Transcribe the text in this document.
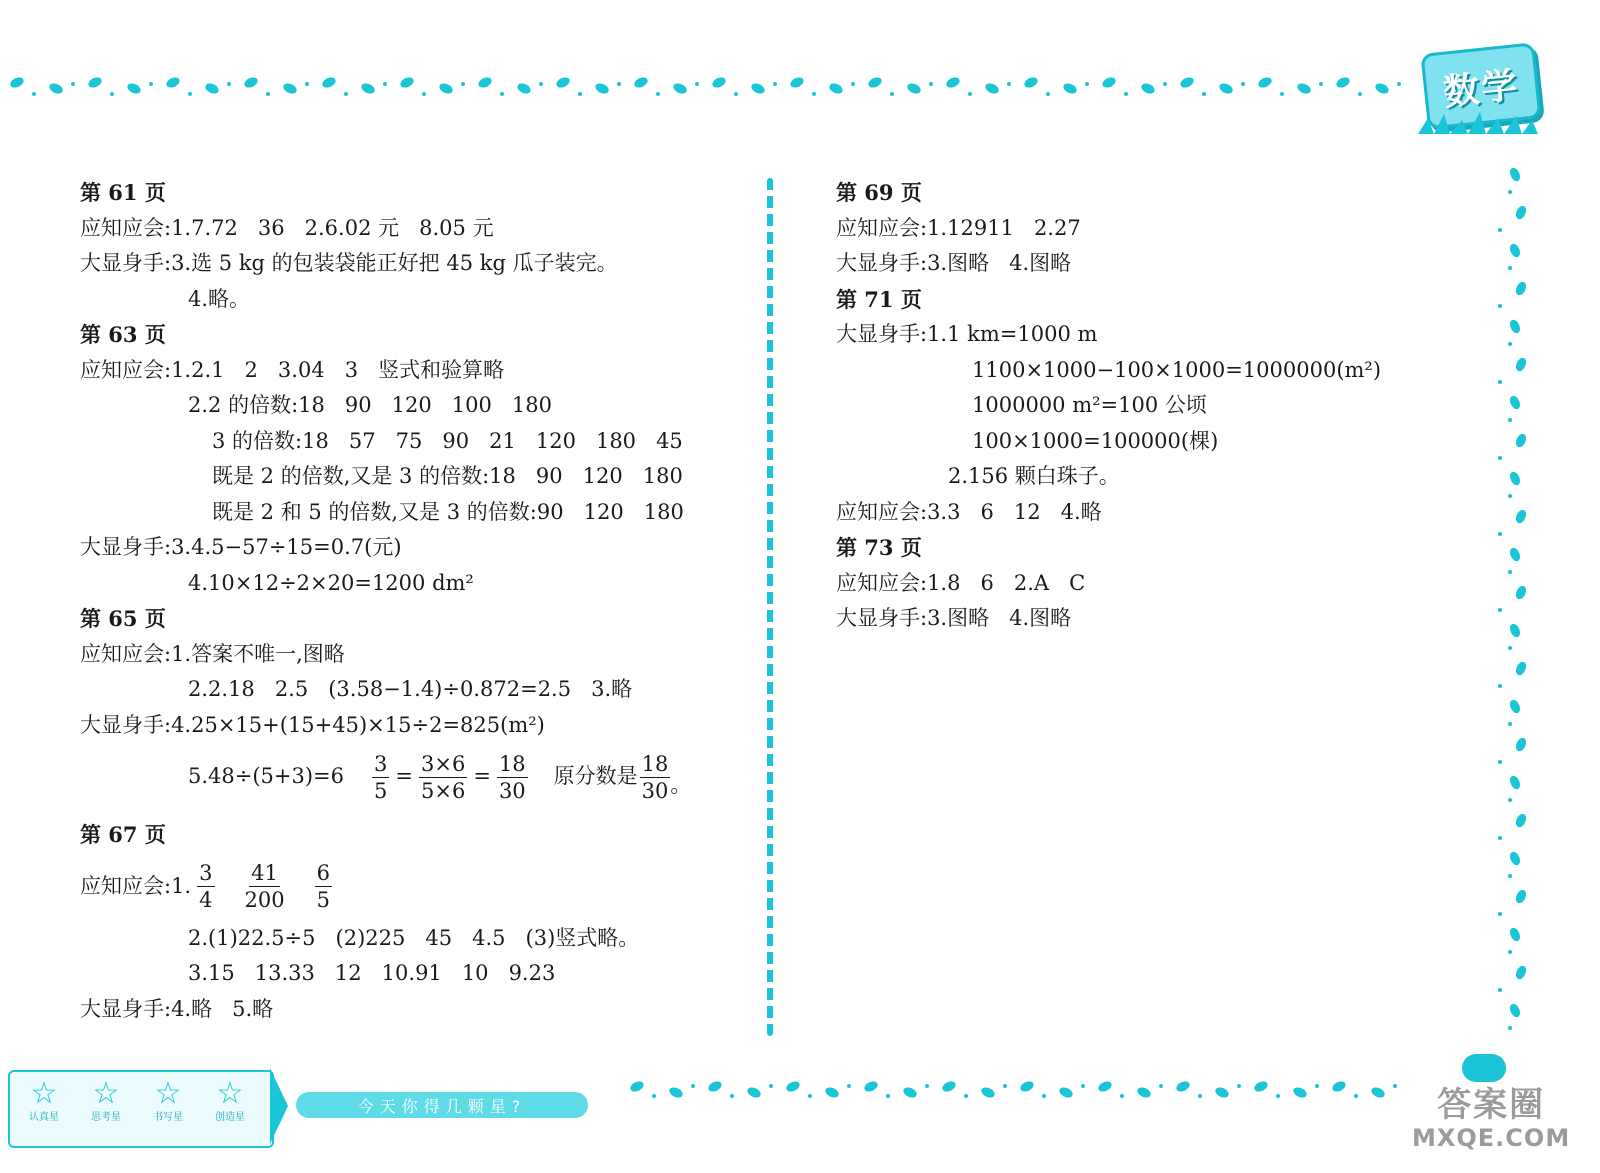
数学
第 61 页
应知应会:1.7.72   36   2.6.02 元   8.05 元
大显身手:3.选 5 kg 的包装袋能正好把 45 kg 瓜子装完。
4.略。
第 63 页
应知应会:1.2.1   2   3.04   3   竖式和验算略
2.2 的倍数:18   90   120   100   180
3 的倍数:18   57   75   90   21   120   180   45
既是 2 的倍数,又是 3 的倍数:18   90   120   180
既是 2 和 5 的倍数,又是 3 的倍数:90   120   180
大显身手:3.4.5−57÷15=0.7(元)
4.10×12÷2×20=1200 dm²
第 65 页
应知应会:1.答案不唯一,图略
2.2.18   2.5   (3.58−1.4)÷0.872=2.5   3.略
大显身手:4.25×15+(15+45)×15÷2=825(m²)
$5.48\div(5+3)=6 \frac{3}{5} = \frac{3\times 6}{5\times 6} = \frac{18}{30}$ 原分数是 $\frac{18}{30}$ 。
第 67 页
应知应会:1. $\frac{3}{4} \frac{41}{200} \frac{6}{5}$
2.(1)22.5÷5   (2)225   45   4.5   (3)竖式略。
3.15   13.33   12   10.91   10   9.23
大显身手:4.略   5.略
第 69 页
应知应会:1.12911   2.27
大显身手:3.图略   4.图略
第 71 页
大显身手:1.1 km=1000 m
1100×1000−100×1000=1000000(m²)
1000000 m²=100 公顷
100×1000=100000(棵)
2.156 颗白珠子。
应知应会:3.3   6   12   4.略
第 73 页
应知应会:1.8   6   2.A   C
大显身手:3.图略   4.图略
☆
认真星
☆
思考星
☆
书写星
☆
创造星
今天你得几颗星?	答案圈
MXQE.COM
